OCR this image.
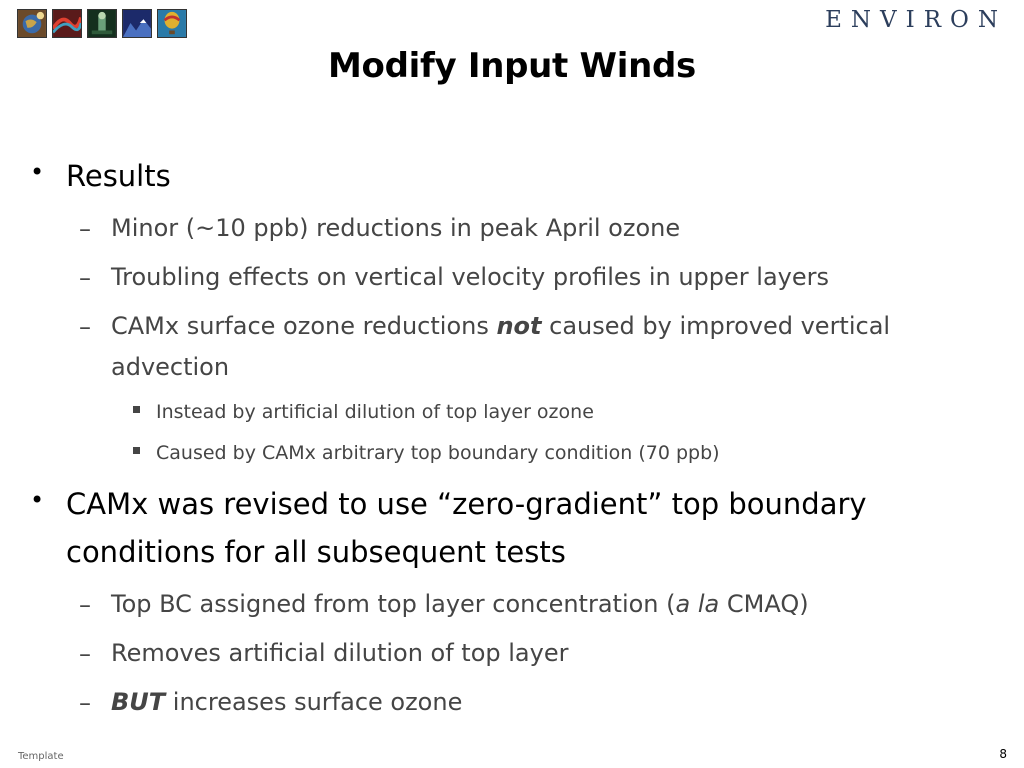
ENVIRON
Modify Input Winds
• Results
– Minor (~10 ppb) reductions in peak April ozone
– Troubling effects on vertical velocity profiles in upper layers
– CAMx surface ozone reductions not caused by improved vertical advection
Instead by artificial dilution of top layer ozone
Caused by CAMx arbitrary top boundary condition (70 ppb)
• CAMx was revised to use “zero-gradient” top boundary conditions for all subsequent tests
– Top BC assigned from top layer concentration (a la CMAQ)
– Removes artificial dilution of top layer
– BUT increases surface ozone
Template	8
